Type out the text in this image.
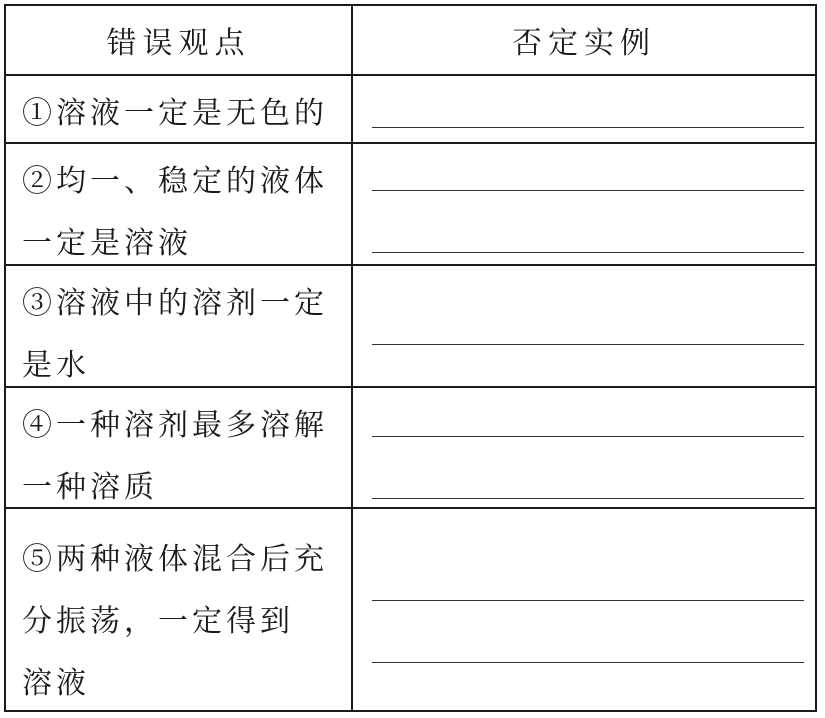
错误观点	否定实例
①溶液一定是无色的
②均一、稳定的液体
一定是溶液
③溶液中的溶剂一定
是水
④一种溶剂最多溶解
一种溶质
⑤两种液体混合后充
分振荡，一定得到
溶液
